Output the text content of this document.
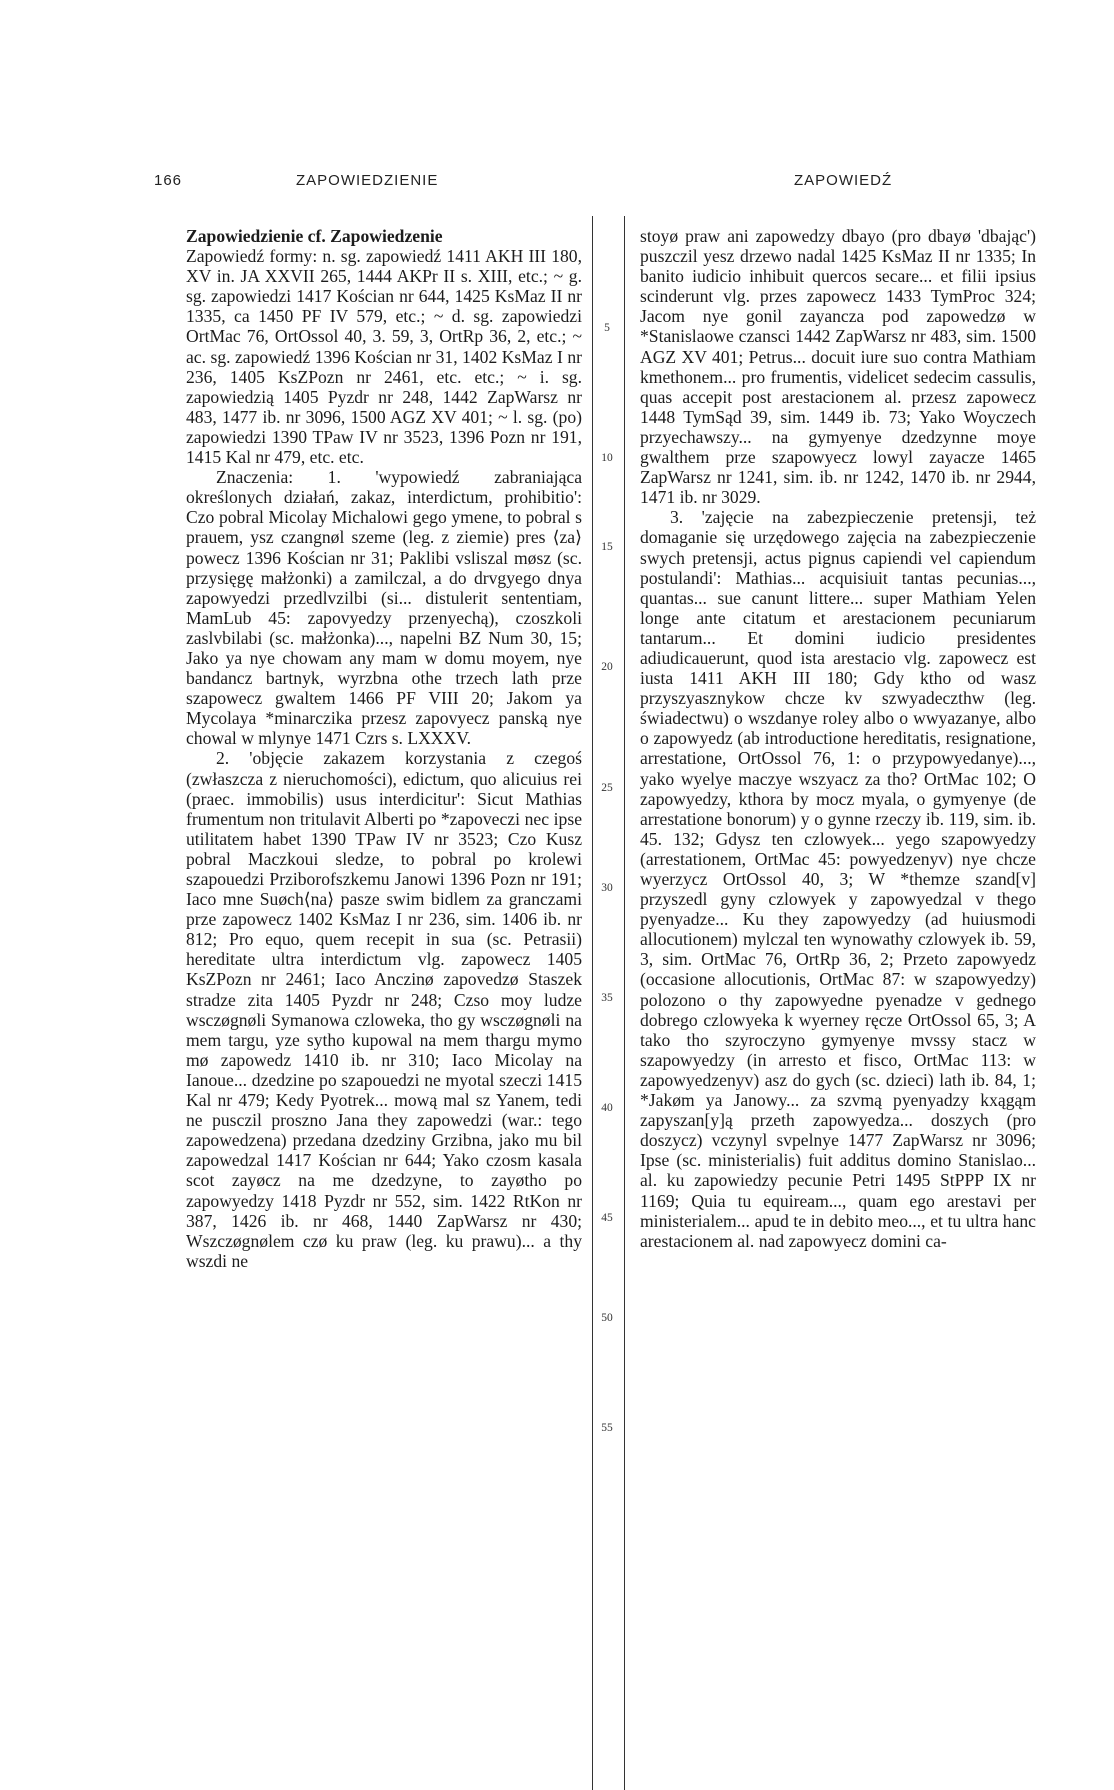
166	ZAPOWIEDZIENIE	ZAPOWIEDŹ

Zapowiedzienie cf. Zapowiedzenie

Zapowiedź formy: n. sg. zapowiedź 1411 AKH III 180, XV in. JA XXVII 265, 1444 AKPr II s. XIII, etc.; ~ g. sg. zapowiedzi 1417 Kościan nr 644, 1425 KsMaz II nr 1335, ca 1450 PF IV 579, etc.; ~ d. sg. zapowiedzi OrtMac 76, OrtOssol 40, 3. 59, 3, OrtRp 36, 2, etc.; ~ ac. sg. zapowiedź 1396 Kościan nr 31, 1402 KsMaz I nr 236, 1405 KsZPozn nr 2461, etc. etc.; ~ i. sg. zapowiedzią 1405 Pyzdr nr 248, 1442 ZapWarsz nr 483, 1477 ib. nr 3096, 1500 AGZ XV 401; ~ l. sg. (po) zapowiedzi 1390 TPaw IV nr 3523, 1396 Pozn nr 191, 1415 Kal nr 479, etc. etc.

Znaczenia: 1. 'wypowiedź zabraniająca określonych działań, zakaz, interdictum, prohibitio': Czo pobral Micolay Michalowi gego ymene, to pobral s prauem, ysz czangnøl szeme (leg. z ziemie) pres ⟨za⟩powecz 1396 Kościan nr 31; Paklibi vsliszal møsz (sc. przysięgę małżonki) a zamilczal, a do drvgyego dnya zapowyedzi przedlvzilbi (si... distulerit sententiam, MamLub 45: zapovyedzy przenyechą), czoszkoli zaslvbilabi (sc. małżonka)..., napelni BZ Num 30, 15; Jako ya nye chowam any mam w domu moyem, nye bandancz bartnyk, wyrzbna othe trzech lath prze szapowecz gwaltem 1466 PF VIII 20; Jakom ya Mycolaya *minarczika przesz zapovyecz panską nye chowal w mlynye 1471 Czrs s. LXXXV.

2. 'objęcie zakazem korzystania z czegoś (zwłaszcza z nieruchomości), edictum, quo alicuius rei (praec. immobilis) usus interdicitur': Sicut Mathias frumentum non tritulavit Alberti po *zapoveczi nec ipse utilitatem habet 1390 TPaw IV nr 3523; Czo Kusz pobral Maczkoui sledze, to pobral po krolewi szapouedzi Prziborofszkemu Janowi 1396 Pozn nr 191; Iaco mne Suøch⟨na⟩ pasze swim bidlem za granczami prze zapowecz 1402 KsMaz I nr 236, sim. 1406 ib. nr 812; Pro equo, quem recepit in sua (sc. Petrasii) hereditate ultra interdictum vlg. zapowecz 1405 KsZPozn nr 2461; Iaco Anczinø zapovedzø Staszek stradze zita 1405 Pyzdr nr 248; Czso moy ludze wsczøgnøli Symanowa czloweka, tho gy wsczøgnøli na mem targu, yze sytho kupowal na mem thargu mymo mø zapowedz 1410 ib. nr 310; Iaco Micolay na Ianoue... dzedzine po szapouedzi ne myotal szeczi 1415 Kal nr 479; Kedy Pyotrek... mową mal sz Yanem, tedi ne pusczil proszno Jana they zapowedzi (war.: tego zapowedzena) przedana dzedziny Grzibna, jako mu bil zapowedzal 1417 Kościan nr 644; Yako czosm kasala scot zayøcz na me dzedzyne, to zayøtho po zapowyedzy 1418 Pyzdr nr 552, sim. 1422 RtKon nr 387, 1426 ib. nr 468, 1440 ZapWarsz nr 430; Wszczøgnølem czø ku praw (leg. ku prawu)... a thy wszdi ne

5
10
15
20
25
30
35
40
45
50
55

stoyø praw ani zapowedzy dbayo (pro dbayø 'dbając') puszczil yesz drzewo nadal 1425 KsMaz II nr 1335; In banito iudicio inhibuit quercos secare... et filii ipsius scinderunt vlg. przes zapowecz 1433 TymProc 324; Jacom nye gonil zayancza pod zapowedzø w *Stanislaowe czansci 1442 ZapWarsz nr 483, sim. 1500 AGZ XV 401; Petrus... docuit iure suo contra Mathiam kmethonem... pro frumentis, videlicet sedecim cassulis, quas accepit post arestacionem al. przesz zapowecz 1448 TymSąd 39, sim. 1449 ib. 73; Yako Woyczech przyechawszy... na gymyenye dzedzynne moye gwalthem prze szapowyecz lowyl zayacze 1465 ZapWarsz nr 1241, sim. ib. nr 1242, 1470 ib. nr 2944, 1471 ib. nr 3029.

3. 'zajęcie na zabezpieczenie pretensji, też domaganie się urzędowego zajęcia na zabezpieczenie swych pretensji, actus pignus capiendi vel capiendum postulandi': Mathias... acquisiuit tantas pecunias..., quantas... sue canunt littere... super Mathiam Yelen longe ante citatum et arestacionem pecuniarum tantarum... Et domini iudicio presidentes adiudicauerunt, quod ista arestacio vlg. zapowecz est iusta 1411 AKH III 180; Gdy ktho od wasz przyszyasznykow chcze kv szwyadeczthw (leg. świadectwu) o wszdanye roley albo o wwyazanye, albo o zapowyedz (ab introductione hereditatis, resignatione, arrestatione, OrtOssol 76, 1: o przypowyedanye)..., yako wyelye maczye wszyacz za tho? OrtMac 102; O zapowyedzy, kthora by mocz myala, o gymyenye (de arrestatione bonorum) y o gynne rzeczy ib. 119, sim. ib. 45. 132; Gdysz ten czlowyek... yego szapowyedzy (arrestationem, OrtMac 45: powyedzenyv) nye chcze wyerzycz OrtOssol 40, 3; W *themze szand[v] przyszedl gyny czlowyek y zapowyedzal v thego pyenyadze... Ku they zapowyedzy (ad huiusmodi allocutionem) mylczal ten wynowathy czlowyek ib. 59, 3, sim. OrtMac 76, OrtRp 36, 2; Przeto zapowyedz (occasione allocutionis, OrtMac 87: w szapowyedzy) polozono o thy zapowyedne pyenadze v gednego dobrego czlowyeka k wyerney ręcze OrtOssol 65, 3; A tako tho szyroczyno gymyenye mvssy stacz w szapowyedzy (in arresto et fisco, OrtMac 113: w zapowyedzenyv) asz do gych (sc. dzieci) lath ib. 84, 1; *Jakøm ya Janowy... za szvmą pyenyadzy kxągąm zapyszan[y]ą przeth zapowyedza... doszych (pro doszycz) vczynyl svpelnye 1477 ZapWarsz nr 3096; Ipse (sc. ministerialis) fuit additus domino Stanislao... al. ku zapowiedzy pecunie Petri 1495 StPPP IX nr 1169; Quia tu equiream..., quam ego arestavi per ministerialem... apud te in debito meo..., et tu ultra hanc arestacionem al. nad zapowyecz domini ca-
